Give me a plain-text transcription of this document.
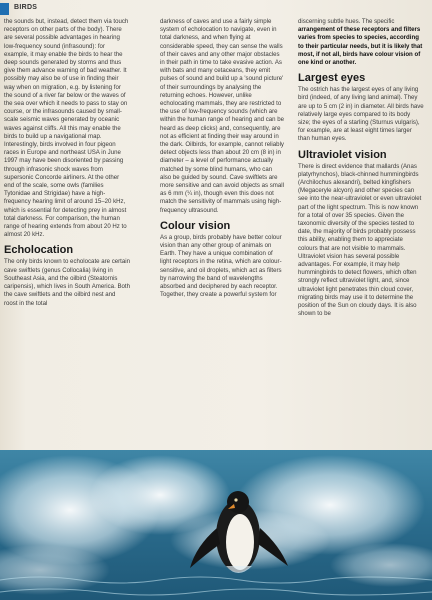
BIRDS

the sounds but, instead, detect them via touch receptors on other parts of the body). There are several possible advantages in hearing low-frequency sound (infrasound): for example, it may enable the birds to hear the deep sounds generated by storms and thus give them advance warning of bad weather. It possibly may also be of use in finding their way when on migration, e.g. by listening for the sound of a river far below or the waves of the sea over which it needs to pass to stay on course, or the infrasounds caused by small-scale seismic waves generated by oceanic waves against cliffs. All this may enable the birds to build up a navigational map. Interestingly, birds involved in four pigeon races in Europe and northeast USA in June 1997 may have been disoriented by passing through infrasonic shock waves from supersonic Concorde airliners. At the other end of the scale, some owls (families Tytonidae and Strigidae) have a high-frequency hearing limit of around 15–20 kHz, which is essential for detecting prey in almost total darkness. For comparison, the human range of hearing extends from about 20 Hz to almost 20 kHz.

Echolocation

The only birds known to echolocate are certain cave swiftlets (genus Collocalia) living in Southeast Asia, and the oilbird (Steatornis caripensis), which lives in South America. Both the cave swiftlets and the oilbird nest and roost in the total

darkness of caves and use a fairly simple system of echolocation to navigate, even in total darkness, and when flying at considerable speed, they can sense the walls of their caves and any other major obstacles in their path in time to take evasive action. As with bats and many cetaceans, they emit pulses of sound and build up a 'sound picture' of their surroundings by analysing the returning echoes. However, unlike echolocating mammals, they are restricted to the use of low-frequency sounds (which are within the human range of hearing and can be heard as deep clicks) and, consequently, are not as efficient at finding their way around in the dark. Oilbirds, for example, cannot reliably detect objects less than about 20 cm (8 in) in diameter – a level of performance actually matched by some blind humans, who can also be guided by sound. Cave swiftlets are more sensitive and can avoid objects as small as 6 mm (¼ in), though even this does not match the sensitivity of mammals using high-frequency ultrasound.

Colour vision

As a group, birds probably have better colour vision than any other group of animals on Earth. They have a unique combination of light receptors in the retina, which are colour-sensitive, and oil droplets, which act as filters by narrowing the band of wavelengths absorbed and deciphered by each receptor. Together, they create a powerful system for

discerning subtle hues. The specific arrangement of these receptors and filters varies from species to species, according to their particular needs, but it is likely that most, if not all, birds have colour vision of one kind or another.

Largest eyes

The ostrich has the largest eyes of any living bird (indeed, of any living land animal). They are up to 5 cm (2 in) in diameter. All birds have relatively large eyes compared to its body size; the eyes of a starling (Sturnus vulgaris), for example, are at least eight times larger than human eyes.

Ultraviolet vision

There is direct evidence that mallards (Anas platyrhynchos), black-chinned hummingbirds (Archilochus alexandri), belted kingfishers (Megaceryle alcyon) and other species can see into the near-ultraviolet or even ultraviolet part of the light spectrum. This is now known for a total of over 35 species. Given the taxonomic diversity of the species tested to date, the majority of birds probably possess this ability, enabling them to appreciate colours that are not visible to mammals. Ultraviolet vision has several possible advantages. For example, it may help hummingbirds to detect flowers, which often strongly reflect ultraviolet light, and, since ultraviolet light penetrates thin cloud cover, migrating birds may use it to determine the position of the Sun on cloudy days. It is also shown to be
